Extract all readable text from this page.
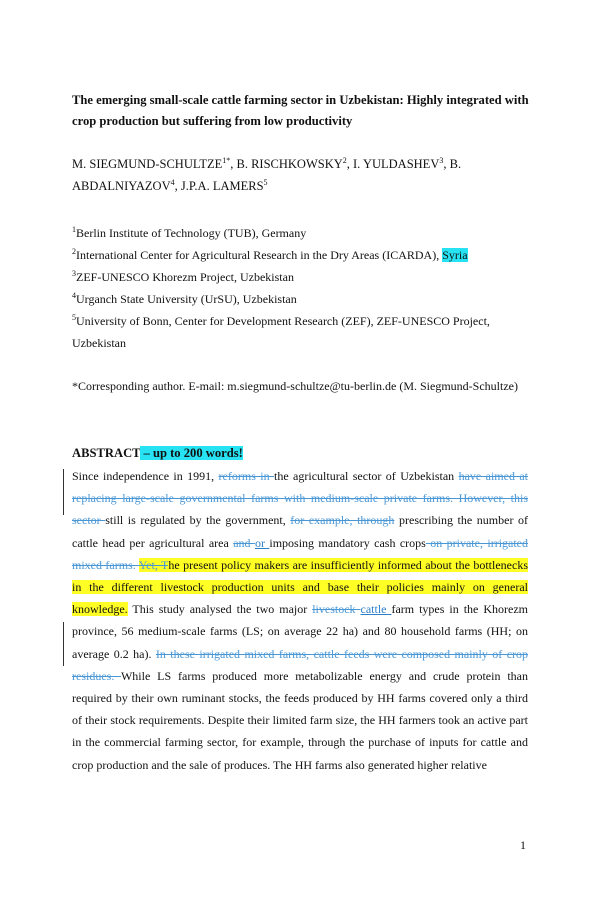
The emerging small-scale cattle farming sector in Uzbekistan: Highly integrated with crop production but suffering from low productivity
M. SIEGMUND-$SCHULTZE^{1*}$, B. RISCHKOWSKY$^2$, I. YULDASHEV$^3$, B. ABDALNIYAZOV$^4$, J.P.A. LAMERS$^5$

$^1$Berlin Institute of Technology (TUB), Germany

$^2$International Center for Agricultural Research in the Dry Areas (ICARDA), Syria

$^3$ZEF-UNESCO Khorezm Project, Uzbekistan

$^4$Urganch State University (UrSU), Uzbekistan

$^5$University of Bonn, Center for Development Research (ZEF), ZEF-UNESCO Project, Uzbekistan

*Corresponding author. E-mail: m.siegmund-schultze@tu-berlin.de (M. Siegmund-Schultze)

ABSTRACT – up to 200 words!

Since independence in 1991, reforms in the agricultural sector of Uzbekistan have aimed at replacing large-scale governmental farms with medium-scale private farms. However, this sector still is regulated by the government, for example, through prescribing the number of cattle head per agricultural area and or imposing mandatory cash crops on private, irrigated mixed farms. Yet, The present policy makers are insufficiently informed about the bottlenecks in the different livestock production units and base their policies mainly on general knowledge. This study analysed the two major livestock cattle farm types in the Khorezm province, 56 medium-scale farms (LS; on average 22 ha) and 80 household farms (HH; on average 0.2 ha). In these irrigated mixed farms, cattle feeds were composed mainly of crop residues. While LS farms produced more metabolizable energy and crude protein than required by their own ruminant stocks, the feeds produced by HH farms covered only a third of their stock requirements. Despite their limited farm size, the HH farmers took an active part in the commercial farming sector, for example, through the purchase of inputs for cattle and crop production and the sale of produces. The HH farms also generated higher relative

1
